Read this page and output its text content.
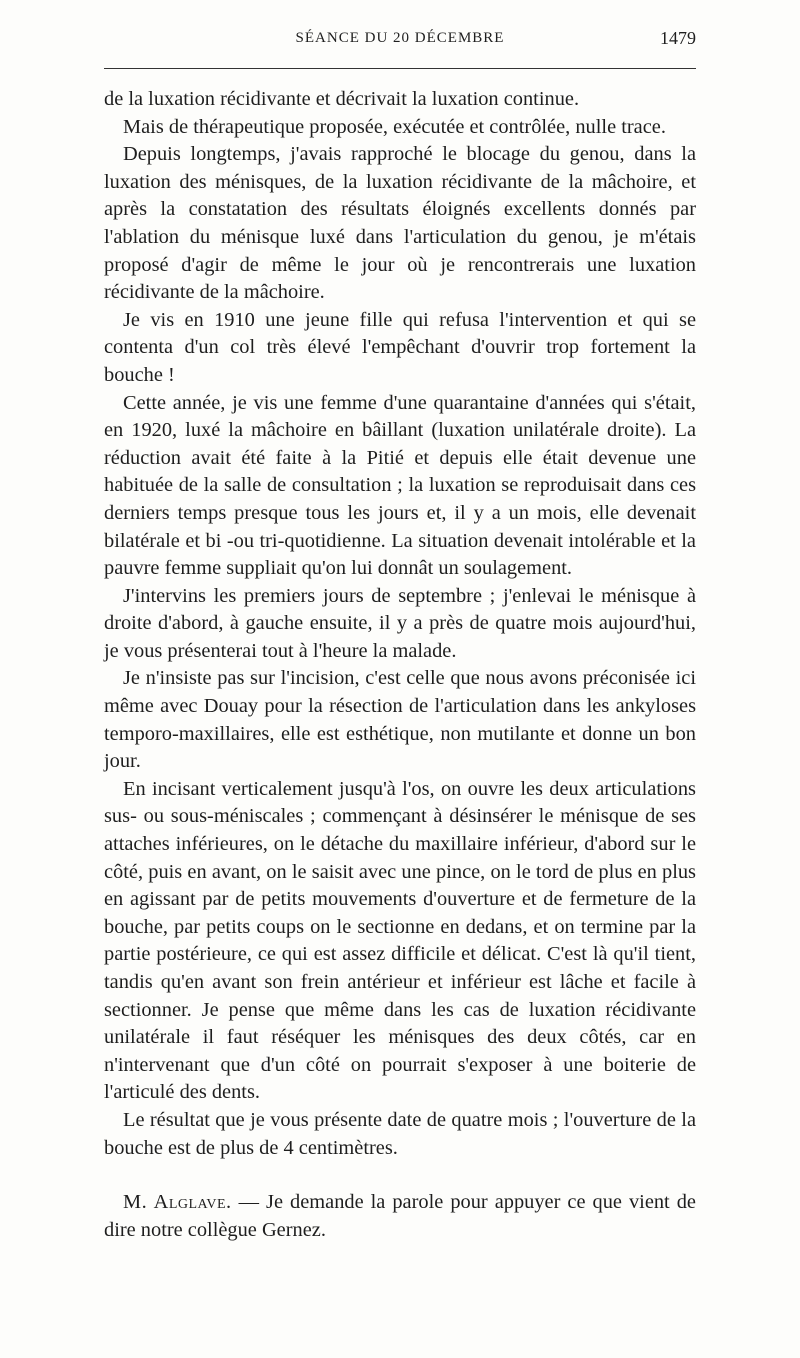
SÉANCE DU 20 DÉCEMBRE	1479

de la luxation récidivante et décrivait la luxation continue.

Mais de thérapeutique proposée, exécutée et contrôlée, nulle trace.

Depuis longtemps, j'avais rapproché le blocage du genou, dans la luxation des ménisques, de la luxation récidivante de la mâchoire, et après la constatation des résultats éloignés excellents donnés par l'ablation du ménisque luxé dans l'articulation du genou, je m'étais proposé d'agir de même le jour où je rencontrerais une luxation récidivante de la mâchoire.

Je vis en 1910 une jeune fille qui refusa l'intervention et qui se contenta d'un col très élevé l'empêchant d'ouvrir trop fortement la bouche !

Cette année, je vis une femme d'une quarantaine d'années qui s'était, en 1920, luxé la mâchoire en bâillant (luxation unilatérale droite). La réduction avait été faite à la Pitié et depuis elle était devenue une habituée de la salle de consultation ; la luxation se reproduisait dans ces derniers temps presque tous les jours et, il y a un mois, elle devenait bilatérale et bi -ou tri-quotidienne. La situation devenait intolérable et la pauvre femme suppliait qu'on lui donnât un soulagement.

J'intervins les premiers jours de septembre ; j'enlevai le ménisque à droite d'abord, à gauche ensuite, il y a près de quatre mois aujourd'hui, je vous présenterai tout à l'heure la malade.

Je n'insiste pas sur l'incision, c'est celle que nous avons préconisée ici même avec Douay pour la résection de l'articulation dans les ankyloses temporo-maxillaires, elle est esthétique, non mutilante et donne un bon jour.

En incisant verticalement jusqu'à l'os, on ouvre les deux articulations sus- ou sous-méniscales ; commençant à désinsérer le ménisque de ses attaches inférieures, on le détache du maxillaire inférieur, d'abord sur le côté, puis en avant, on le saisit avec une pince, on le tord de plus en plus en agissant par de petits mouvements d'ouverture et de fermeture de la bouche, par petits coups on le sectionne en dedans, et on termine par la partie postérieure, ce qui est assez difficile et délicat. C'est là qu'il tient, tandis qu'en avant son frein antérieur et inférieur est lâche et facile à sectionner. Je pense que même dans les cas de luxation récidivante unilatérale il faut réséquer les ménisques des deux côtés, car en n'intervenant que d'un côté on pourrait s'exposer à une boiterie de l'articulé des dents.

Le résultat que je vous présente date de quatre mois ; l'ouverture de la bouche est de plus de 4 centimètres.

M. Alglave. — Je demande la parole pour appuyer ce que vient de dire notre collègue Gernez.
